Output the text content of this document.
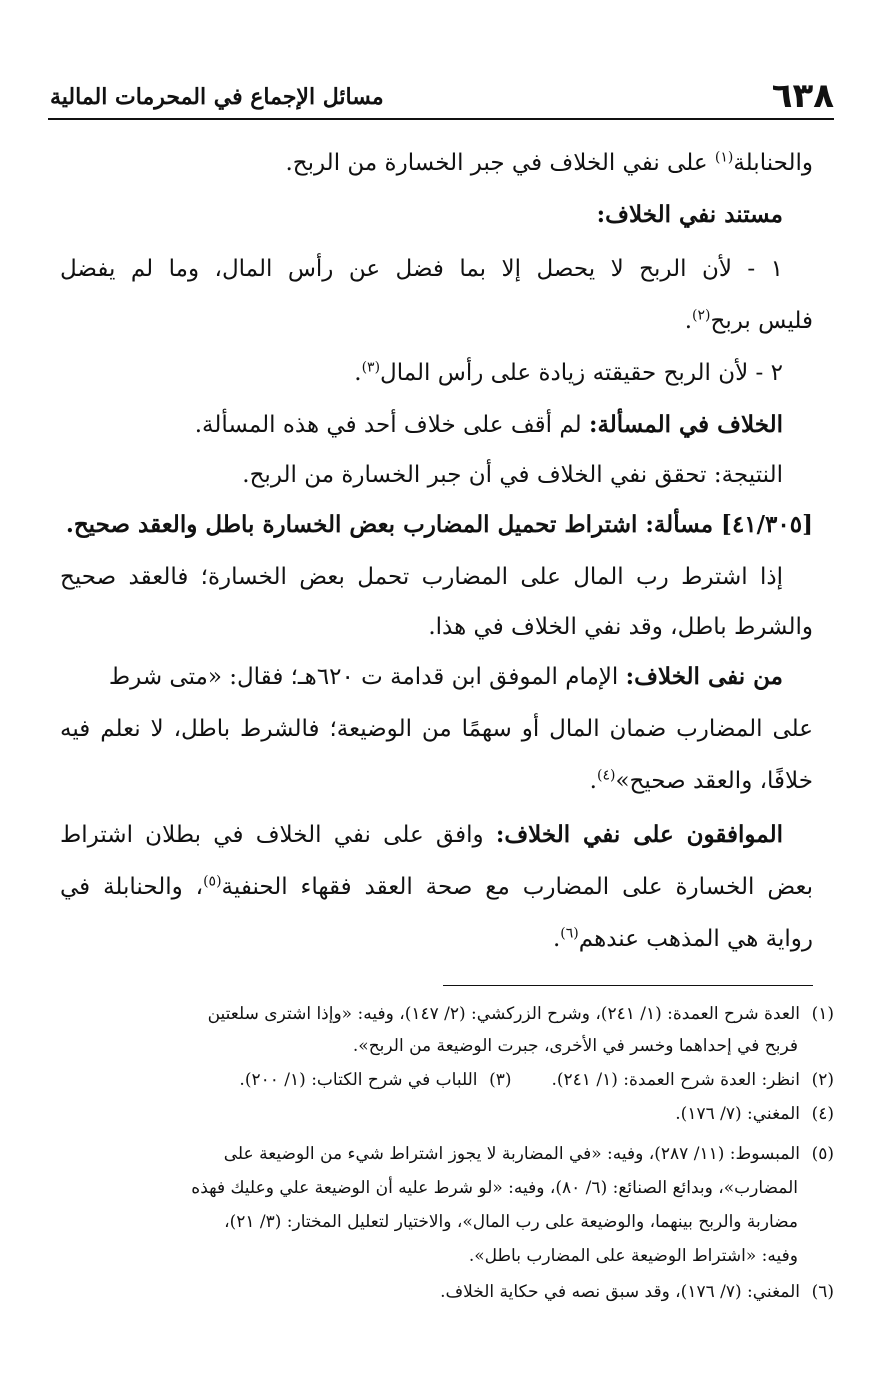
٦٣٨
مسائل الإجماع في المحرمات المالية
والحنابلة$^{(١)}$ على نفي الخلاف في جبر الخسارة من الربح.
مستند نفي الخلاف:
١ - لأن الربح لا يحصل إلا بما فضل عن رأس المال، وما لم يفضل
فليس بربح$^{(٢)}$.
٢ - لأن الربح حقيقته زيادة على رأس المال$^{(٣)}$.
الخلاف في المسألة: لم أقف على خلاف أحد في هذه المسألة.
النتيجة: تحقق نفي الخلاف في أن جبر الخسارة من الربح.
[٤١/٣٠٥] مسألة: اشتراط تحميل المضارب بعض الخسارة باطل والعقد صحيح.
إذا اشترط رب المال على المضارب تحمل بعض الخسارة؛ فالعقد صحيح
والشرط باطل، وقد نفي الخلاف في هذا.
من نفى الخلاف: الإمام الموفق ابن قدامة ت ٦٢٠هـ؛ فقال: «متى شرط
على المضارب ضمان المال أو سهمًا من الوضيعة؛ فالشرط باطل، لا نعلم فيه
خلافًا، والعقد صحيح»$^{(٤)}$.
الموافقون على نفي الخلاف: وافق على نفي الخلاف في بطلان اشتراط
بعض الخسارة على المضارب مع صحة العقد فقهاء الحنفية$^{(٥)}$، والحنابلة في
رواية هي المذهب عندهم$^{(٦)}$.
(١)العدة شرح العمدة: (١/ ٢٤١)، وشرح الزركشي: (٢/ ١٤٧)، وفيه: «وإذا اشترى سلعتين
فربح في إحداهما وخسر في الأخرى، جبرت الوضيعة من الربح».
(٢)انظر: العدة شرح العمدة: (١/ ٢٤١).(٣)اللباب في شرح الكتاب: (١/ ٢٠٠).
(٤)المغني: (٧/ ١٧٦).
(٥)المبسوط: (١١/ ٢٨٧)، وفيه: «في المضاربة لا يجوز اشتراط شيء من الوضيعة على
المضارب»، وبدائع الصنائع: (٦/ ٨٠)، وفيه: «لو شرط عليه أن الوضيعة علي وعليك فهذه
مضاربة والربح بينهما، والوضيعة على رب المال»، والاختيار لتعليل المختار: (٣/ ٢١)،
وفيه: «اشتراط الوضيعة على المضارب باطل».
(٦)المغني: (٧/ ١٧٦)، وقد سبق نصه في حكاية الخلاف.
